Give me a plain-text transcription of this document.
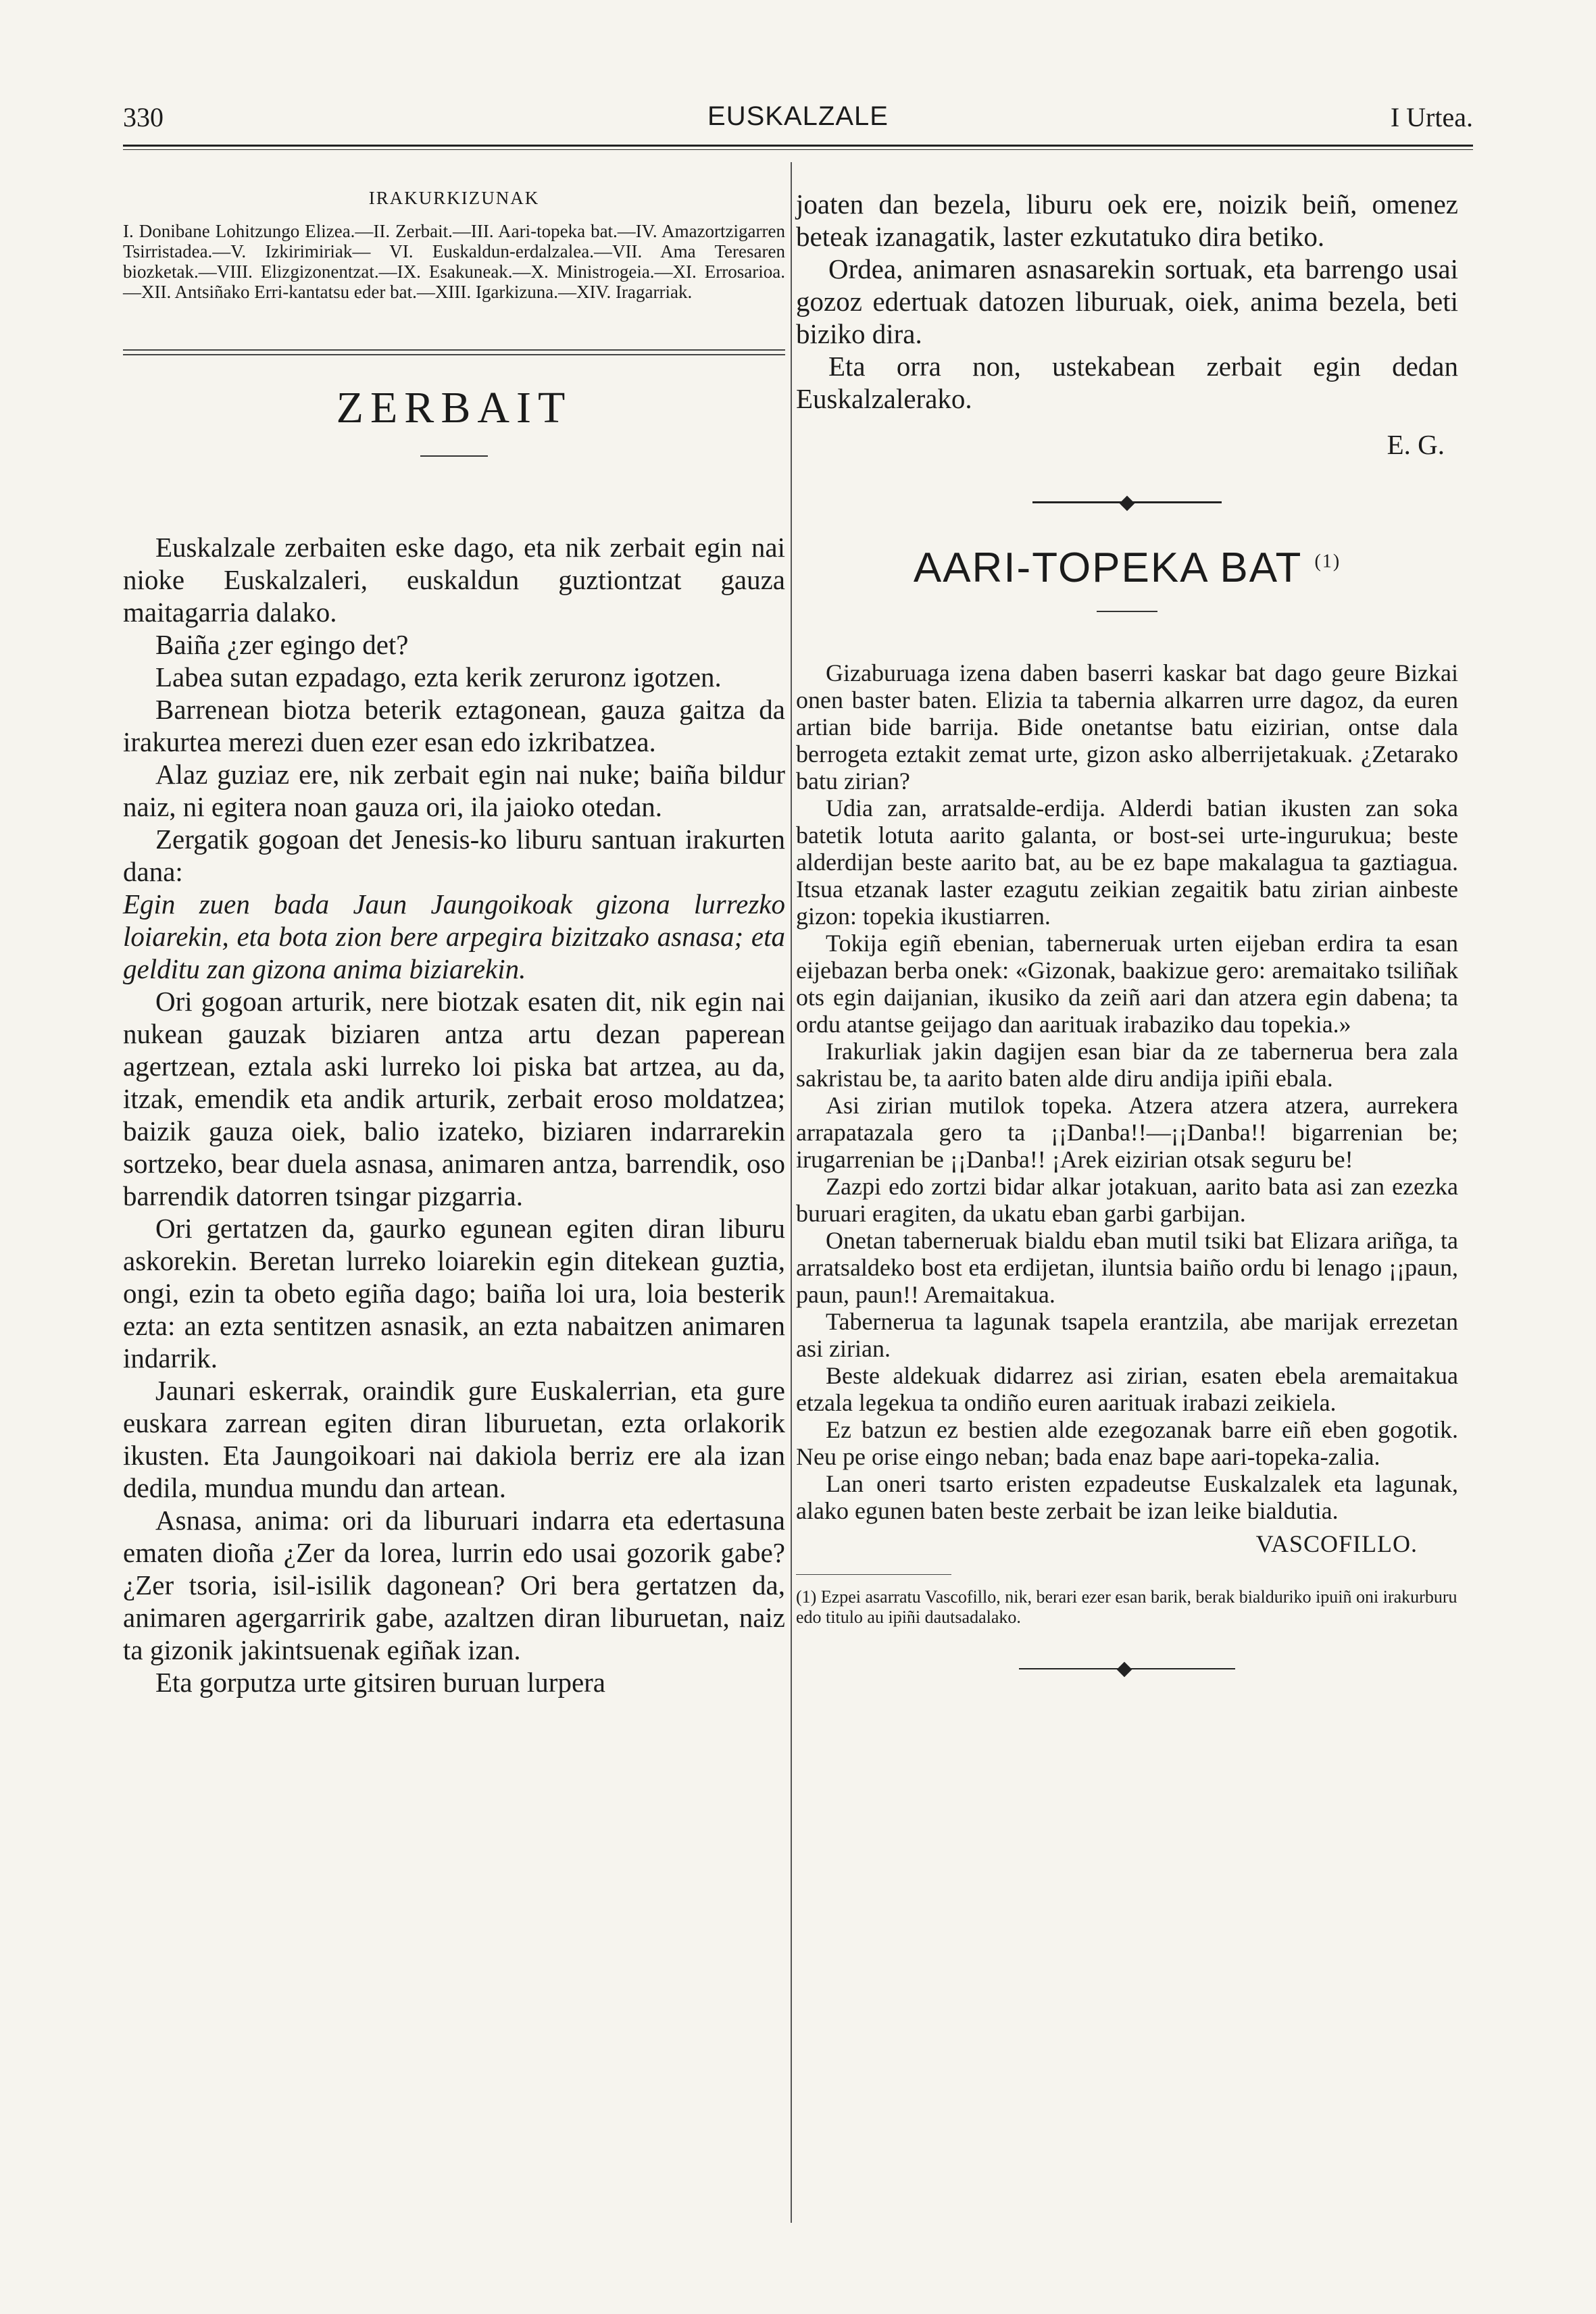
330	EUSKALZALE	I Urtea.
IRAKURKIZUNAK
I. Donibane Lohitzungo Elizea.—II. Zerbait.—III. Aari-topeka bat.—IV. Amazortzigarren Tsirristadea.—V. Izkirimiriak— VI. Euskaldun-erdalzalea.—VII. Ama Teresaren biozketak.—VIII. Elizgizonentzat.—IX. Esakuneak.—X. Ministrogeia.—XI. Errosarioa.—XII. Antsiñako Erri-kantatsu eder bat.—XIII. Igarkizuna.—XIV. Iragarriak.
ZERBAIT

Euskalzale zerbaiten eske dago, eta nik zerbait egin nai nioke Euskalzaleri, euskaldun guztiontzat gauza maitagarria dalako.

Baiña ¿zer egingo det?

Labea sutan ezpadago, ezta kerik zeruronz igotzen.

Barrenean biotza beterik eztagonean, gauza gaitza da irakurtea merezi duen ezer esan edo izkribatzea.

Alaz guziaz ere, nik zerbait egin nai nuke; baiña bildur naiz, ni egitera noan gauza ori, ila jaioko otedan.

Zergatik gogoan det Jenesis-ko liburu santuan irakurten dana:

Egin zuen bada Jaun Jaungoikoak gizona lurrezko loiarekin, eta bota zion bere arpegira bizitzako asnasa; eta gelditu zan gizona anima biziarekin.

Ori gogoan arturik, nere biotzak esaten dit, nik egin nai nukean gauzak biziaren antza artu dezan paperean agertzean, eztala aski lurreko loi piska bat artzea, au da, itzak, emendik eta andik arturik, zerbait eroso moldatzea; baizik gauza oiek, balio izateko, biziaren indarrarekin sortzeko, bear duela asnasa, animaren antza, barrendik, oso barrendik datorren tsingar pizgarria.

Ori gertatzen da, gaurko egunean egiten diran liburu askorekin. Beretan lurreko loiarekin egin ditekean guztia, ongi, ezin ta obeto egiña dago; baiña loi ura, loia besterik ezta: an ezta sentitzen asnasik, an ezta nabaitzen animaren indarrik.

Jaunari eskerrak, oraindik gure Euskalerrian, eta gure euskara zarrean egiten diran liburuetan, ezta orlakorik ikusten. Eta Jaungoikoari nai dakiola berriz ere ala izan dedila, mundua mundu dan artean.

Asnasa, anima: ori da liburuari indarra eta edertasuna ematen dioña ¿Zer da lorea, lurrin edo usai gozorik gabe? ¿Zer tsoria, isil-isilik dagonean? Ori bera gertatzen da, animaren agergarririk gabe, azaltzen diran liburuetan, naiz ta gizonik jakintsuenak egiñak izan.

Eta gorputza urte gitsiren buruan lurpera

joaten dan bezela, liburu oek ere, noizik beiñ, omenez beteak izanagatik, laster ezkutatuko dira betiko.

Ordea, animaren asnasarekin sortuak, eta barrengo usai gozoz edertuak datozen liburuak, oiek, anima bezela, beti biziko dira.

Eta orra non, ustekabean zerbait egin dedan Euskalzalerako.

E. G.
AARI-TOPEKA BAT $^{(1)}$

Gizaburuaga izena daben baserri kaskar bat dago geure Bizkai onen baster baten. Elizia ta tabernia alkarren urre dagoz, da euren artian bide barrija. Bide onetantse batu eizirian, ontse dala berrogeta eztakit zemat urte, gizon asko alberrijetakuak. ¿Zetarako batu zirian?

Udia zan, arratsalde-erdija. Alderdi batian ikusten zan soka batetik lotuta aarito galanta, or bost-sei urte-ingurukua; beste alderdijan beste aarito bat, au be ez bape makalagua ta gaztiagua. Itsua etzanak laster ezagutu zeikian zegaitik batu zirian ainbeste gizon: topekia ikustiarren.

Tokija egiñ ebenian, taberneruak urten eijeban erdira ta esan eijebazan berba onek: «Gizonak, baakizue gero: aremaitako tsiliñak ots egin daijanian, ikusiko da zeiñ aari dan atzera egin dabena; ta ordu atantse geijago dan aarituak irabaziko dau topekia.»

Irakurliak jakin dagijen esan biar da ze tabernerua bera zala sakristau be, ta aarito baten alde diru andija ipiñi ebala.

Asi zirian mutilok topeka. Atzera atzera atzera, aurrekera arrapatazala gero ta ¡¡Danba!!—¡¡Danba!! bigarrenian be; irugarrenian be ¡¡Danba!! ¡Arek eizirian otsak seguru be!

Zazpi edo zortzi bidar alkar jotakuan, aarito bata asi zan ezezka buruari eragiten, da ukatu eban garbi garbijan.

Onetan taberneruak bialdu eban mutil tsiki bat Elizara ariñga, ta arratsaldeko bost eta erdijetan, iluntsia baiño ordu bi lenago ¡¡paun, paun, paun!! Aremaitakua.

Tabernerua ta lagunak tsapela erantzila, abe marijak errezetan asi zirian.

Beste aldekuak didarrez asi zirian, esaten ebela aremaitakua etzala legekua ta ondiño euren aarituak irabazi zeikiela.

Ez batzun ez bestien alde ezegozanak barre eiñ eben gogotik. Neu pe orise eingo neban; bada enaz bape aari-topeka-zalia.

Lan oneri tsarto eristen ezpadeutse Euskalzalek eta lagunak, alako egunen baten beste zerbait be izan leike bialdutia.

VASCOFILLO.
(1) Ezpei asarratu Vascofillo, nik, berari ezer esan barik, berak bialduriko ipuiñ oni irakurburu edo titulo au ipiñi dautsadalako.
